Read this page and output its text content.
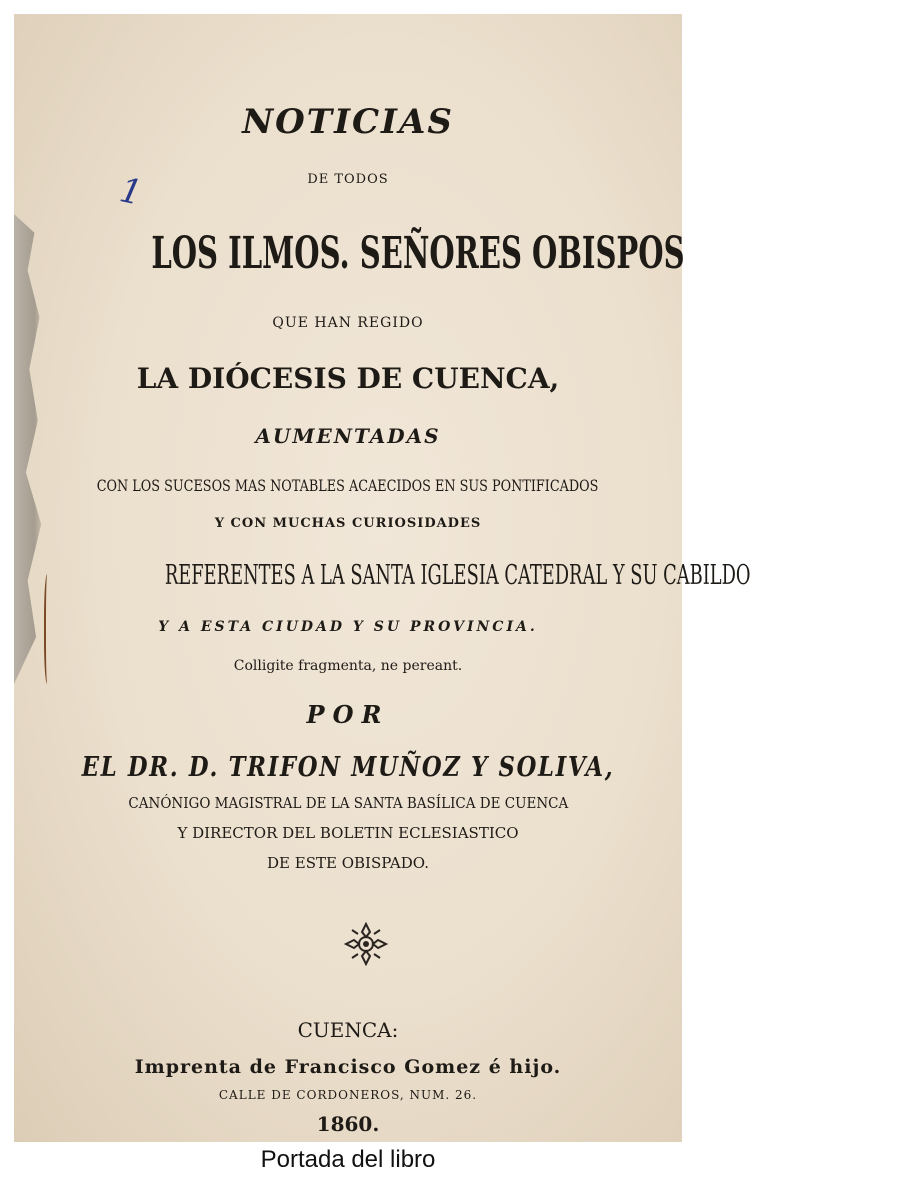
1
NOTICIAS
DE TODOS
LOS ILMOS. SEÑORES OBISPOS
QUE HAN REGIDO
LA DIÓCESIS DE CUENCA,
AUMENTADAS
CON LOS SUCESOS MAS NOTABLES ACAECIDOS EN SUS PONTIFICADOS
Y CON MUCHAS CURIOSIDADES
REFERENTES A LA SANTA IGLESIA CATEDRAL Y SU CABILDO
Y A ESTA CIUDAD Y SU PROVINCIA.
Colligite fragmenta, ne pereant.
POR
EL DR. D. TRIFON MUÑOZ Y SOLIVA,
CANÓNIGO MAGISTRAL DE LA SANTA BASÍLICA DE CUENCA
Y DIRECTOR DEL BOLETIN ECLESIASTICO
DE ESTE OBISPADO.
CUENCA:
Imprenta de Francisco Gomez é hijo.
CALLE DE CORDONEROS, NUM. 26.
1860.
Portada del libro
